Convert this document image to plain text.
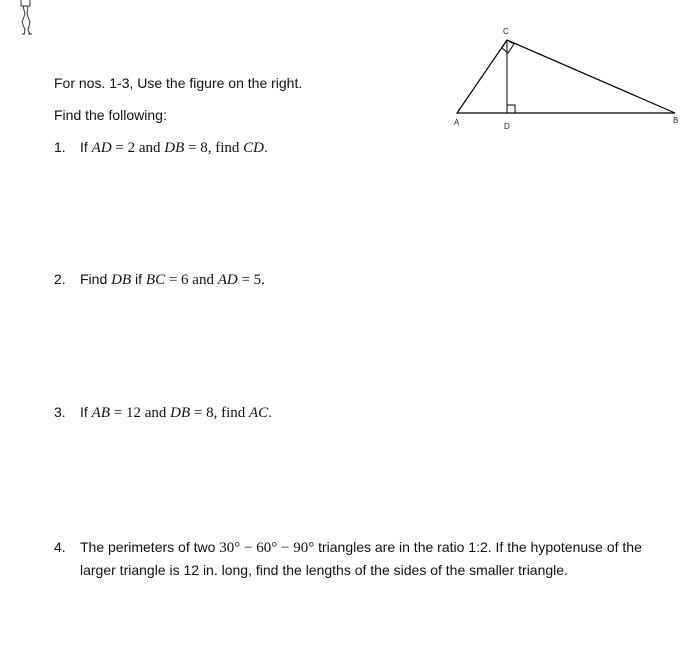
For nos. 1-3, Use the figure on the right.
Find the following:
C
A	D
B
1. If AD = 2 and DB = 8, find CD.
2. Find DB if BC = 6 and AD = 5.
3. If AB = 12 and DB = 8, find AC.
4. The perimeters of two 30° − 60° − 90° triangles are in the ratio 1:2. If the hypotenuse of the larger triangle is 12 in. long, find the lengths of the sides of the smaller triangle.
